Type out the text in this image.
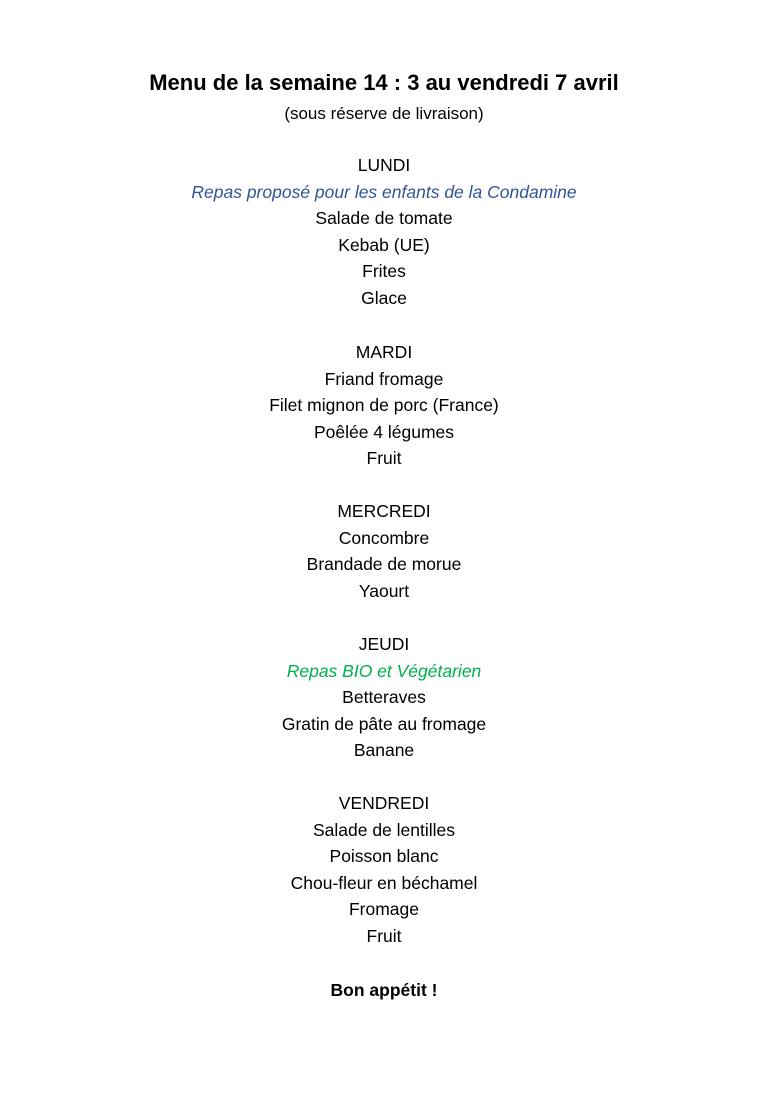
Menu de la semaine 14 : 3 au vendredi 7 avril
(sous réserve de livraison)
LUNDI
Repas proposé pour les enfants de la Condamine
Salade de tomate
Kebab (UE)
Frites
Glace
MARDI
Friand fromage
Filet mignon de porc (France)
Poêlée 4 légumes
Fruit
MERCREDI
Concombre
Brandade de morue
Yaourt
JEUDI
Repas BIO et Végétarien
Betteraves
Gratin de pâte au fromage
Banane
VENDREDI
Salade de lentilles
Poisson blanc
Chou-fleur en béchamel
Fromage
Fruit
Bon appétit !
